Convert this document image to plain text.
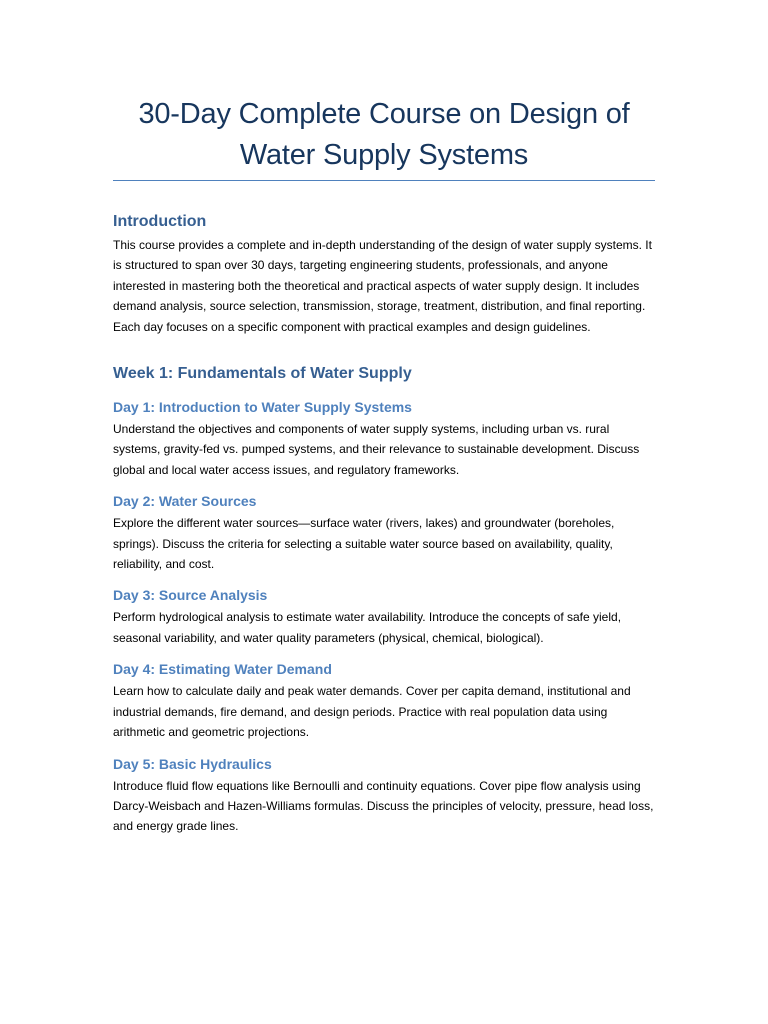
30-Day Complete Course on Design of Water Supply Systems
Introduction

This course provides a complete and in-depth understanding of the design of water supply systems. It is structured to span over 30 days, targeting engineering students, professionals, and anyone interested in mastering both the theoretical and practical aspects of water supply design. It includes demand analysis, source selection, transmission, storage, treatment, distribution, and final reporting. Each day focuses on a specific component with practical examples and design guidelines.

Week 1: Fundamentals of Water Supply
Day 1: Introduction to Water Supply Systems

Understand the objectives and components of water supply systems, including urban vs. rural systems, gravity-fed vs. pumped systems, and their relevance to sustainable development. Discuss global and local water access issues, and regulatory frameworks.

Day 2: Water Sources

Explore the different water sources—surface water (rivers, lakes) and groundwater (boreholes, springs). Discuss the criteria for selecting a suitable water source based on availability, quality, reliability, and cost.

Day 3: Source Analysis

Perform hydrological analysis to estimate water availability. Introduce the concepts of safe yield, seasonal variability, and water quality parameters (physical, chemical, biological).

Day 4: Estimating Water Demand

Learn how to calculate daily and peak water demands. Cover per capita demand, institutional and industrial demands, fire demand, and design periods. Practice with real population data using arithmetic and geometric projections.

Day 5: Basic Hydraulics

Introduce fluid flow equations like Bernoulli and continuity equations. Cover pipe flow analysis using Darcy-Weisbach and Hazen-Williams formulas. Discuss the principles of velocity, pressure, head loss, and energy grade lines.
